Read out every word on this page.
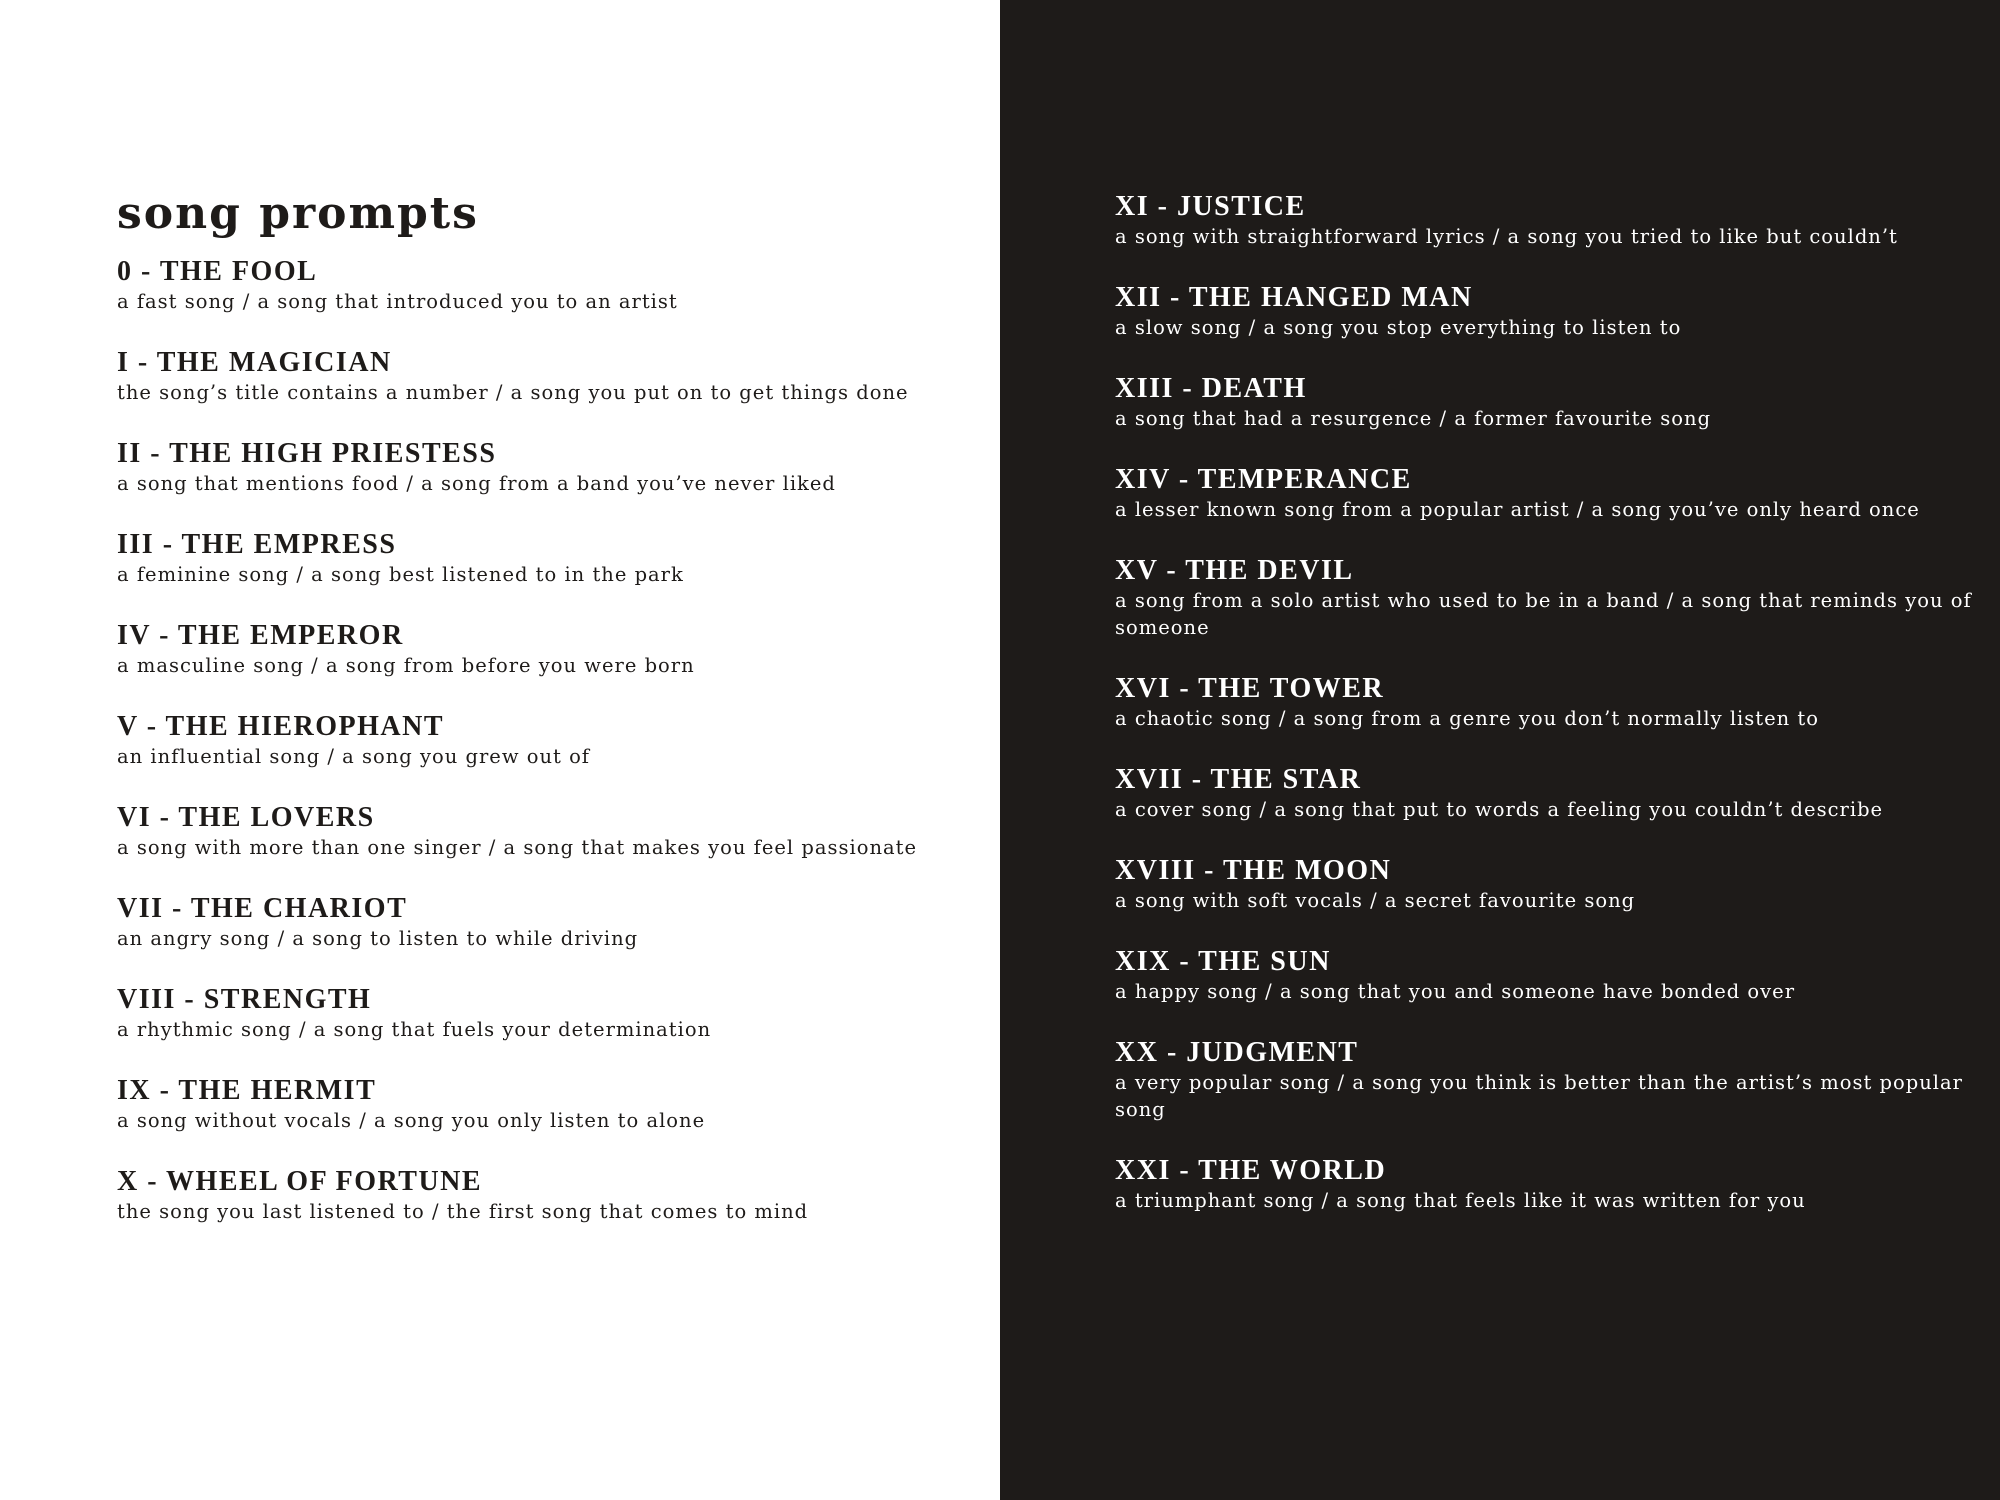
song prompts
0 - THE FOOL
a fast song / a song that introduced you to an artist
I - THE MAGICIAN
the song’s title contains a number / a song you put on to get things done
II - THE HIGH PRIESTESS
a song that mentions food / a song from a band you’ve never liked
III - THE EMPRESS
a feminine song / a song best listened to in the park
IV - THE EMPEROR
a masculine song / a song from before you were born
V - THE HIEROPHANT
an influential song / a song you grew out of
VI - THE LOVERS
a song with more than one singer / a song that makes you feel passionate
VII - THE CHARIOT
an angry song / a song to listen to while driving
VIII - STRENGTH
a rhythmic song / a song that fuels your determination
IX - THE HERMIT
a song without vocals / a song you only listen to alone
X - WHEEL OF FORTUNE
the song you last listened to / the first song that comes to mind
XI - JUSTICE
a song with straightforward lyrics / a song you tried to like but couldn’t
XII - THE HANGED MAN
a slow song / a song you stop everything to listen to
XIII - DEATH
a song that had a resurgence / a former favourite song
XIV - TEMPERANCE
a lesser known song from a popular artist / a song you’ve only heard once
XV - THE DEVIL
a song from a solo artist who used to be in a band / a song that reminds you of someone
XVI - THE TOWER
a chaotic song / a song from a genre you don’t normally listen to
XVII - THE STAR
a cover song / a song that put to words a feeling you couldn’t describe
XVIII - THE MOON
a song with soft vocals / a secret favourite song
XIX - THE SUN
a happy song / a song that you and someone have bonded over
XX - JUDGMENT
a very popular song / a song you think is better than the artist’s most popular song
XXI - THE WORLD
a triumphant song / a song that feels like it was written for you
